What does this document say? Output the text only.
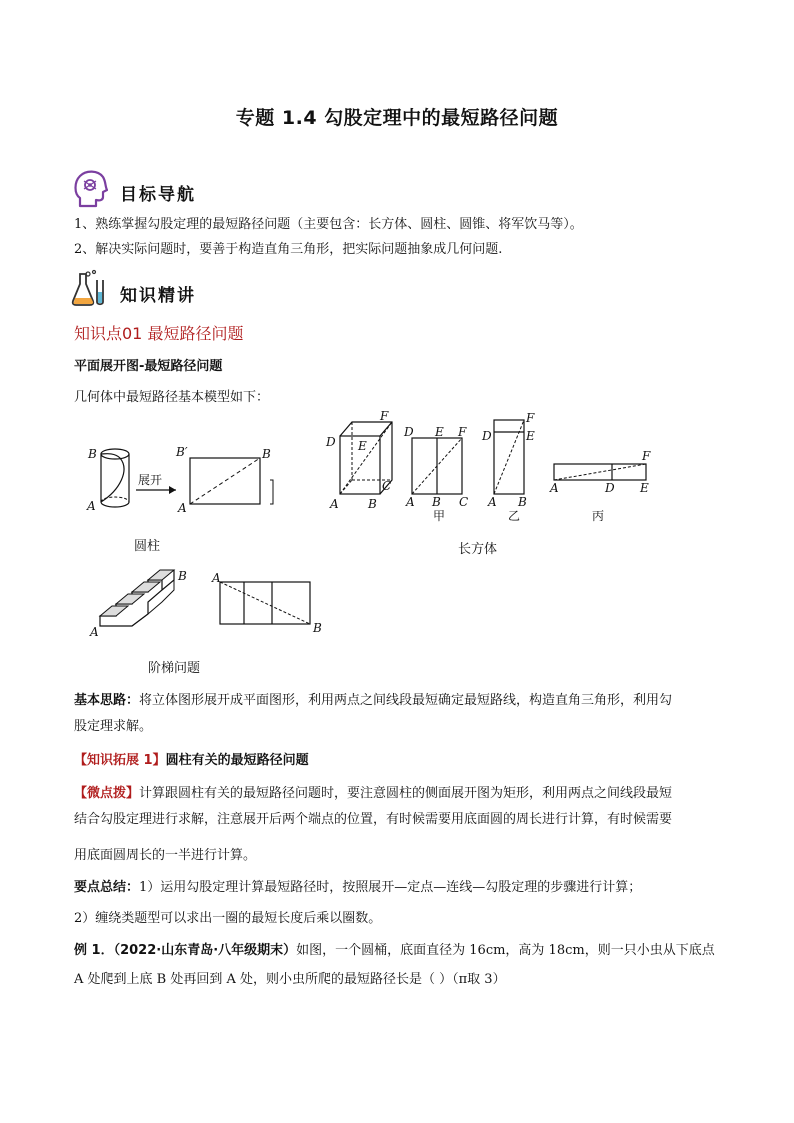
专题 1.4 勾股定理中的最短路径问题
目标导航
1、熟练掌握勾股定理的最短路径问题（主要包含：长方体、圆柱、圆锥、将军饮马等）。
2、解决实际问题时，要善于构造直角三角形，把实际问题抽象成几何问题.
知识精讲
知识点01 最短路径问题
平面展开图-最短路径问题
几何体中最短路径基本模型如下：
B
A
展开
B′
A
B
圆柱
D E
F
C
A B
D E F
A B C
甲
D
F
E
A B
乙
F
A	D E
丙
长方体
A
B A
B
阶梯问题
基本思路：将立体图形展开成平面图形，利用两点之间线段最短确定最短路线，构造直角三角形，利用勾
股定理求解。
【知识拓展 1】圆柱有关的最短路径问题
【微点拨】计算跟圆柱有关的最短路径问题时，要注意圆柱的侧面展开图为矩形，利用两点之间线段最短
结合勾股定理进行求解，注意展开后两个端点的位置，有时候需要用底面圆的周长进行计算，有时候需要
用底面圆周长的一半进行计算。
要点总结：1）运用勾股定理计算最短路径时，按照展开—定点—连线—勾股定理的步骤进行计算；
2）缠绕类题型可以求出一圈的最短长度后乘以圈数。
例 1．（2022·山东青岛·八年级期末）如图，一个圆桶，底面直径为 16cm，高为 18cm，则一只小虫从下底点
A 处爬到上底 B 处再回到 A 处，则小虫所爬的最短路径长是（ ）（π取 3）
